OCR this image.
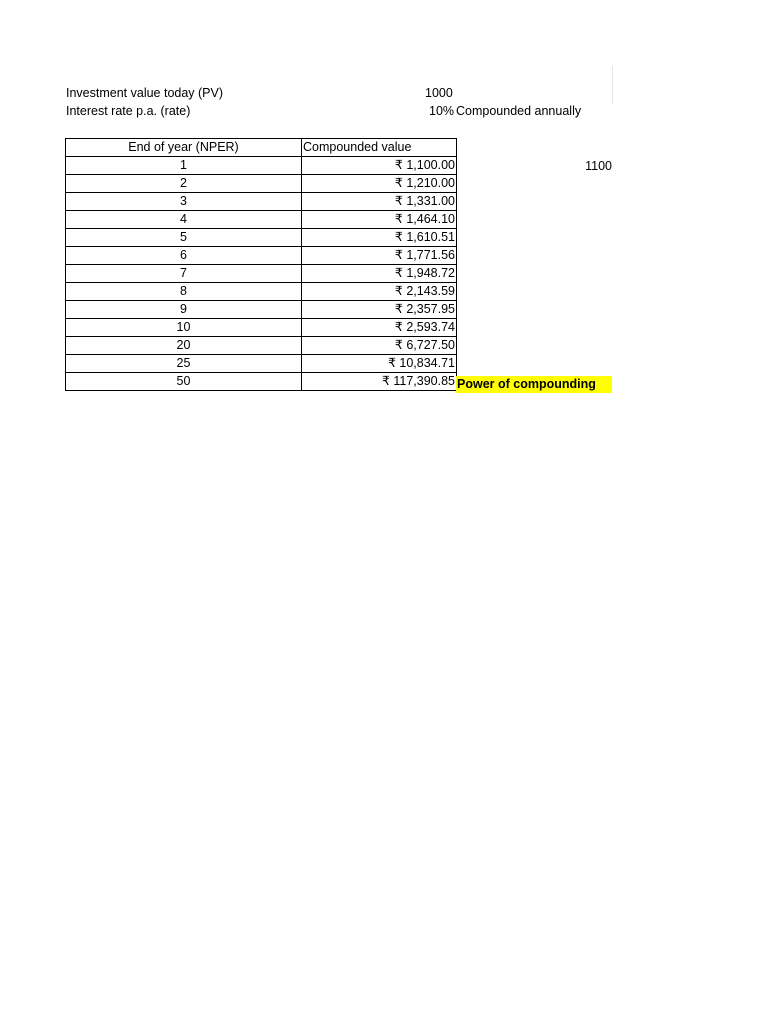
Investment value today (PV)	1000
Interest rate p.a. (rate)	10% Compounded annually
1100
End of year (NPER)	Compounded value
1	₹ 1,100.00
2	₹ 1,210.00
3	₹ 1,331.00
4	₹ 1,464.10
5	₹ 1,610.51
6	₹ 1,771.56
7	₹ 1,948.72
8	₹ 2,143.59
9	₹ 2,357.95
10	₹ 2,593.74
20	₹ 6,727.50
25	₹ 10,834.71
50	₹ 117,390.85 Power of compounding
